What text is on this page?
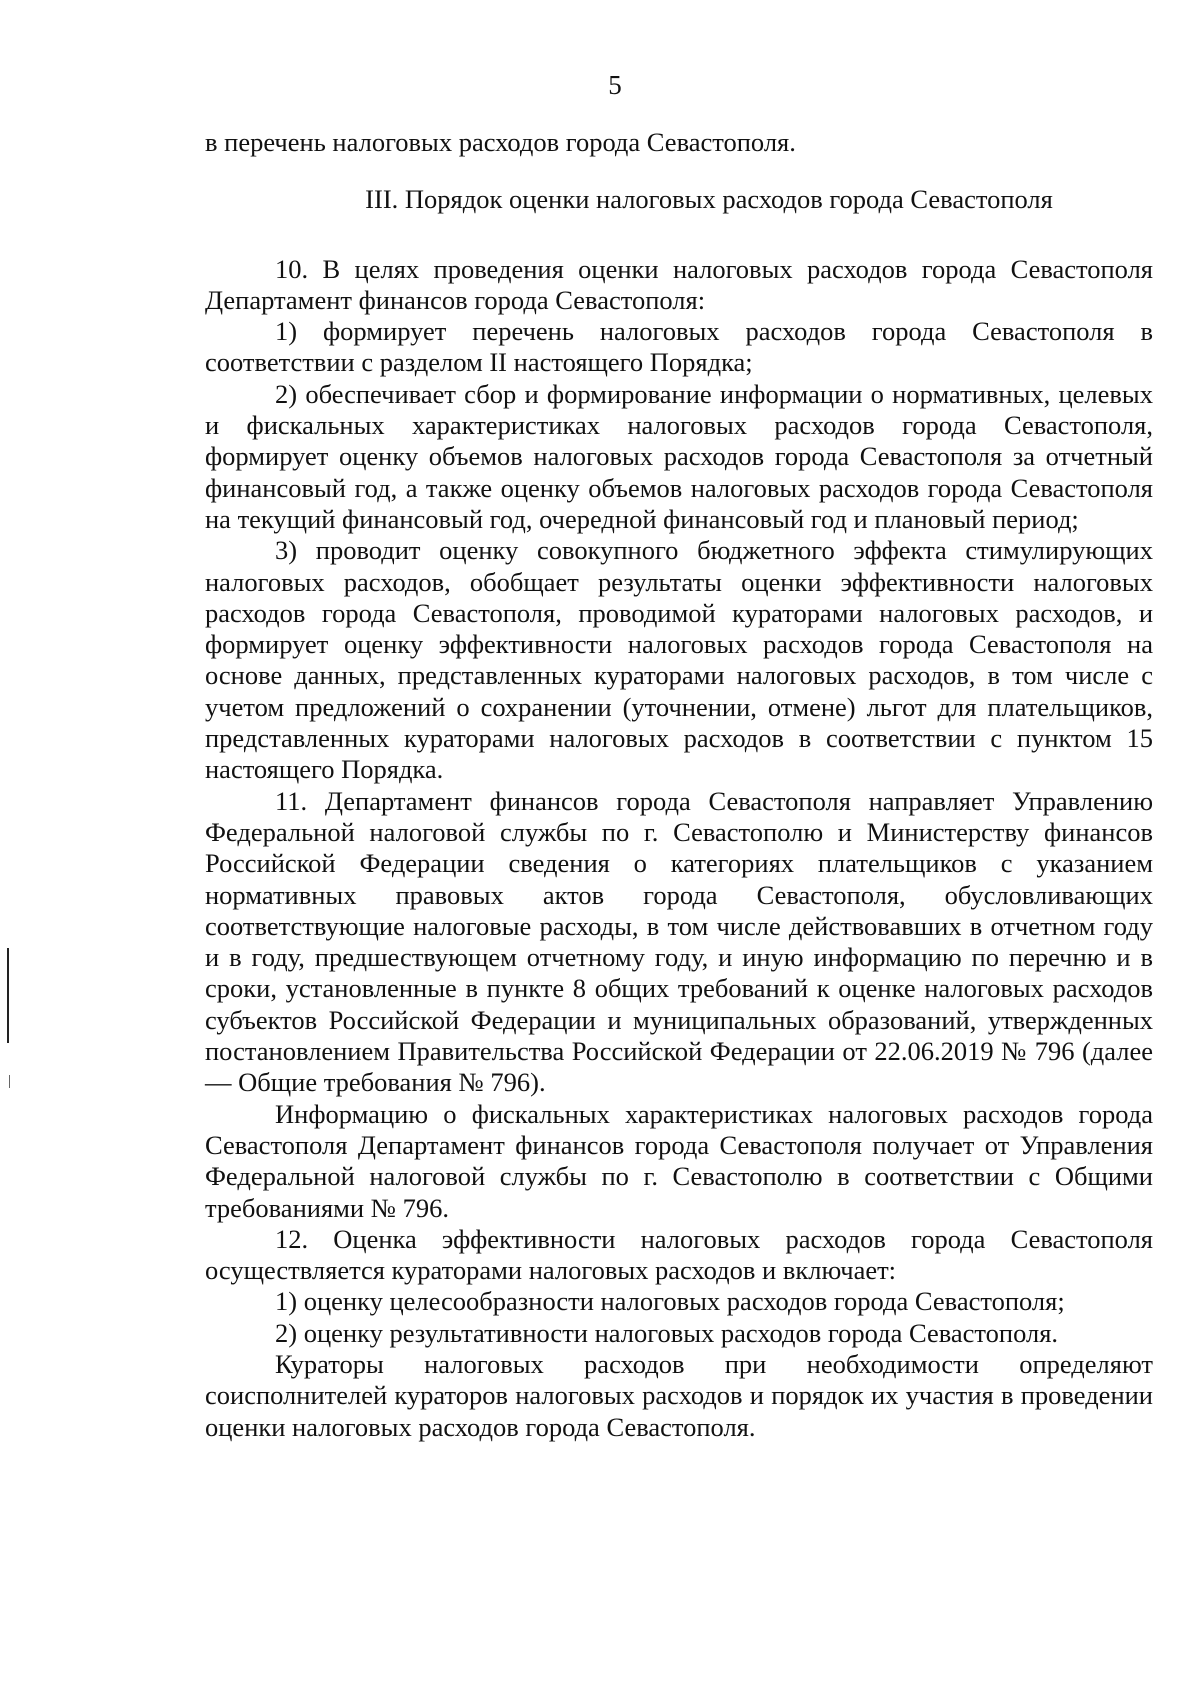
5

в перечень налоговых расходов города Севастополя.

III. Порядок оценки налоговых расходов города Севастополя

10. В целях проведения оценки налоговых расходов города Севастополя Департамент финансов города Севастополя:

1) формирует перечень налоговых расходов города Севастополя в соответствии с разделом II настоящего Порядка;

2) обеспечивает сбор и формирование информации о нормативных, целевых и фискальных характеристиках налоговых расходов города Севастополя, формирует оценку объемов налоговых расходов города Севастополя за отчетный финансовый год, а также оценку объемов налоговых расходов города Севастополя на текущий финансовый год, очередной финансовый год и плановый период;

3) проводит оценку совокупного бюджетного эффекта стимулирующих налоговых расходов, обобщает результаты оценки эффективности налоговых расходов города Севастополя, проводимой кураторами налоговых расходов, и формирует оценку эффективности налоговых расходов города Севастополя на основе данных, представленных кураторами налоговых расходов, в том числе с учетом предложений о сохранении (уточнении, отмене) льгот для плательщиков, представленных кураторами налоговых расходов в соответствии с пунктом 15 настоящего Порядка.

11. Департамент финансов города Севастополя направляет Управлению Федеральной налоговой службы по г. Севастополю и Министерству финансов Российской Федерации сведения о категориях плательщиков с указанием нормативных правовых актов города Севастополя, обусловливающих соответствующие налоговые расходы, в том числе действовавших в отчетном году и в году, предшествующем отчетному году, и иную информацию по перечню и в сроки, установленные в пункте 8 общих требований к оценке налоговых расходов субъектов Российской Федерации и муниципальных образований, утвержденных постановлением Правительства Российской Федерации от 22.06.2019 № 796 (далее — Общие требования № 796).

Информацию о фискальных характеристиках налоговых расходов города Севастополя Департамент финансов города Севастополя получает от Управления Федеральной налоговой службы по г. Севастополю в соответствии с Общими требованиями № 796.

12. Оценка эффективности налоговых расходов города Севастополя осуществляется кураторами налоговых расходов и включает:

1) оценку целесообразности налоговых расходов города Севастополя;

2) оценку результативности налоговых расходов города Севастополя.

Кураторы налоговых расходов при необходимости определяют соисполнителей кураторов налоговых расходов и порядок их участия в проведении оценки налоговых расходов города Севастополя.
